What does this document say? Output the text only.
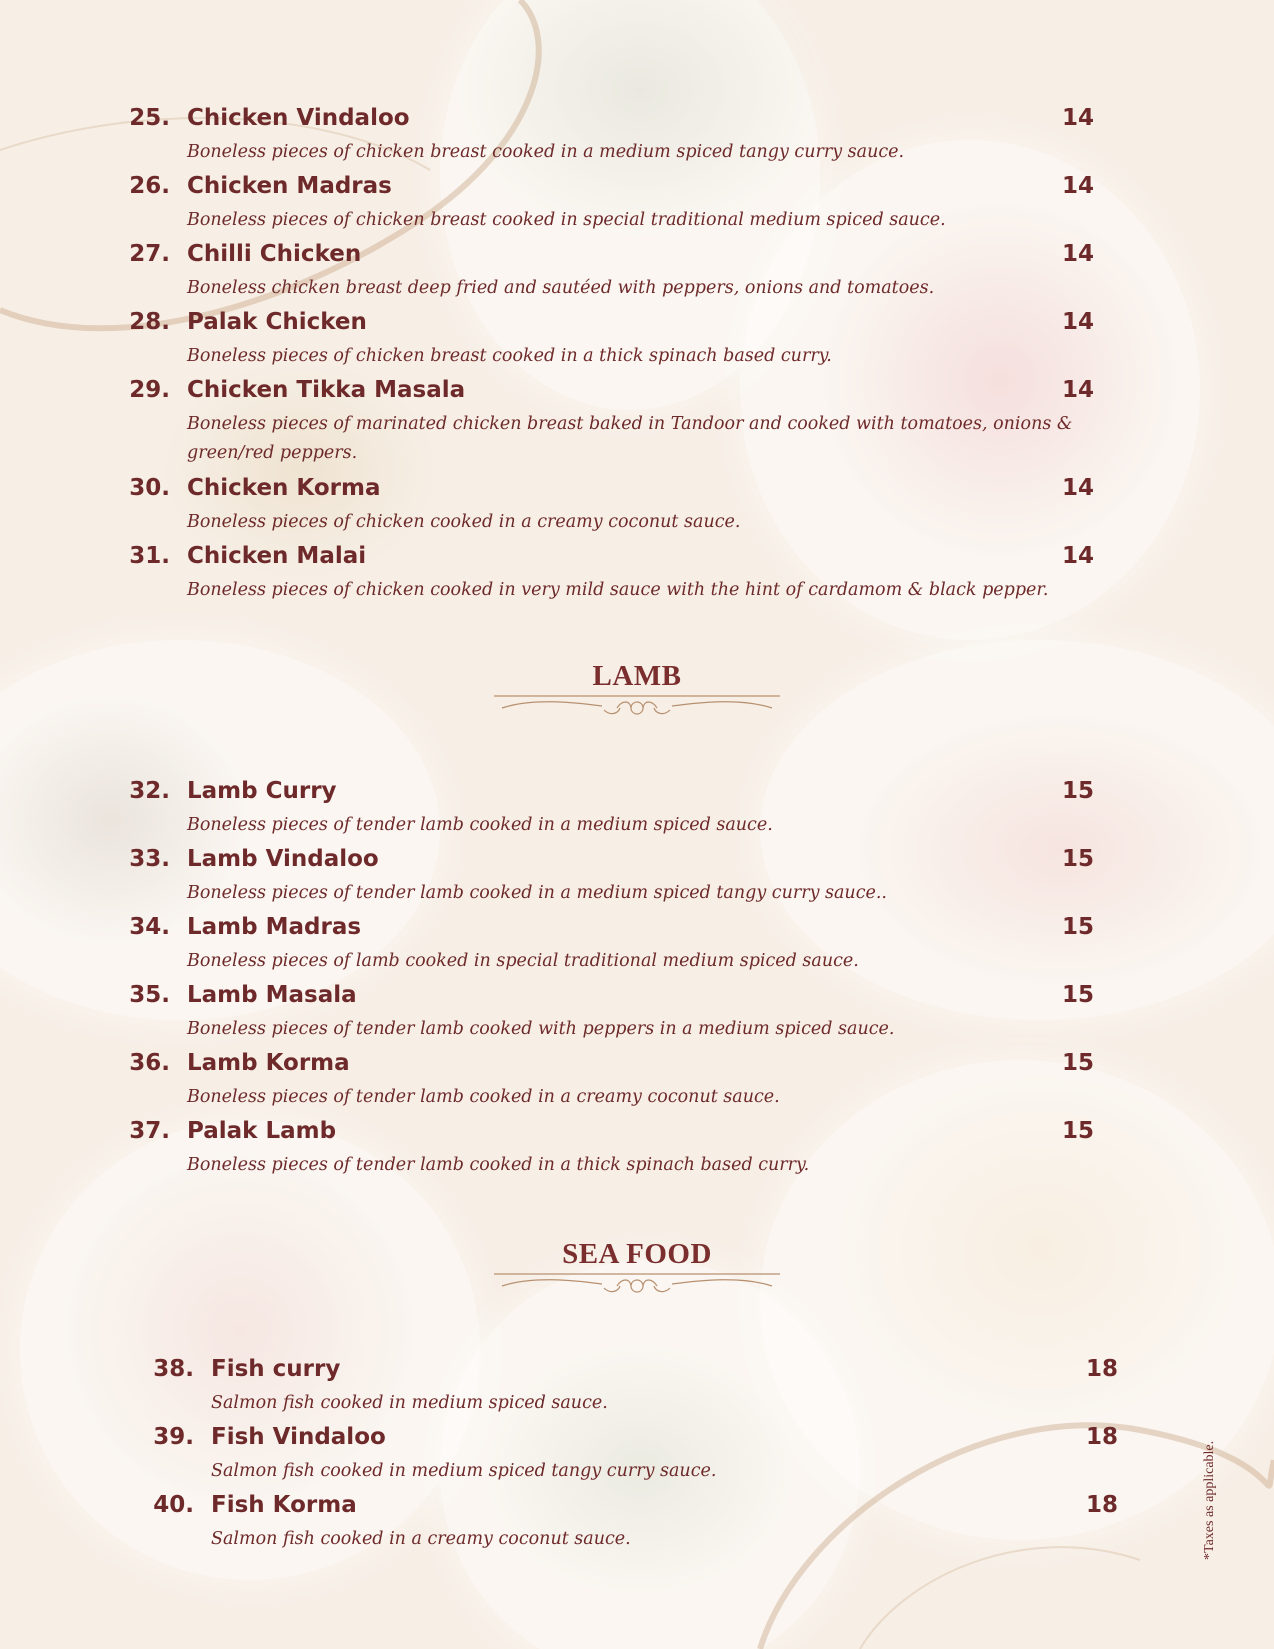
25. Chicken Vindaloo	14
Boneless pieces of chicken breast cooked in a medium spiced tangy curry sauce.
26. Chicken Madras	14
Boneless pieces of chicken breast cooked in special traditional medium spiced sauce.
27. Chilli Chicken	14
Boneless chicken breast deep fried and sautéed with peppers, onions and tomatoes.
28. Palak Chicken	14
Boneless pieces of chicken breast cooked in a thick spinach based curry.
29. Chicken Tikka Masala	14
Boneless pieces of marinated chicken breast baked in Tandoor and cooked with tomatoes, onions &
green/red peppers.
30. Chicken Korma	14
Boneless pieces of chicken cooked in a creamy coconut sauce.
31. Chicken Malai	14
Boneless pieces of chicken cooked in very mild sauce with the hint of cardamom & black pepper.
LAMB
32. Lamb Curry	15
Boneless pieces of tender lamb cooked in a medium spiced sauce.
33. Lamb Vindaloo	15
Boneless pieces of tender lamb cooked in a medium spiced tangy curry sauce..
34. Lamb Madras	15
Boneless pieces of lamb cooked in special traditional medium spiced sauce.
35. Lamb Masala	15
Boneless pieces of tender lamb cooked with peppers in a medium spiced sauce.
36. Lamb Korma	15
Boneless pieces of tender lamb cooked in a creamy coconut sauce.
37. Palak Lamb	15
Boneless pieces of tender lamb cooked in a thick spinach based curry.
SEA FOOD
38. Fish curry	18
Salmon fish cooked in medium spiced sauce.
39. Fish Vindaloo	18
Salmon fish cooked in medium spiced tangy curry sauce.
40. Fish Korma	18
Salmon fish cooked in a creamy coconut sauce.	*Taxes as applicable.
